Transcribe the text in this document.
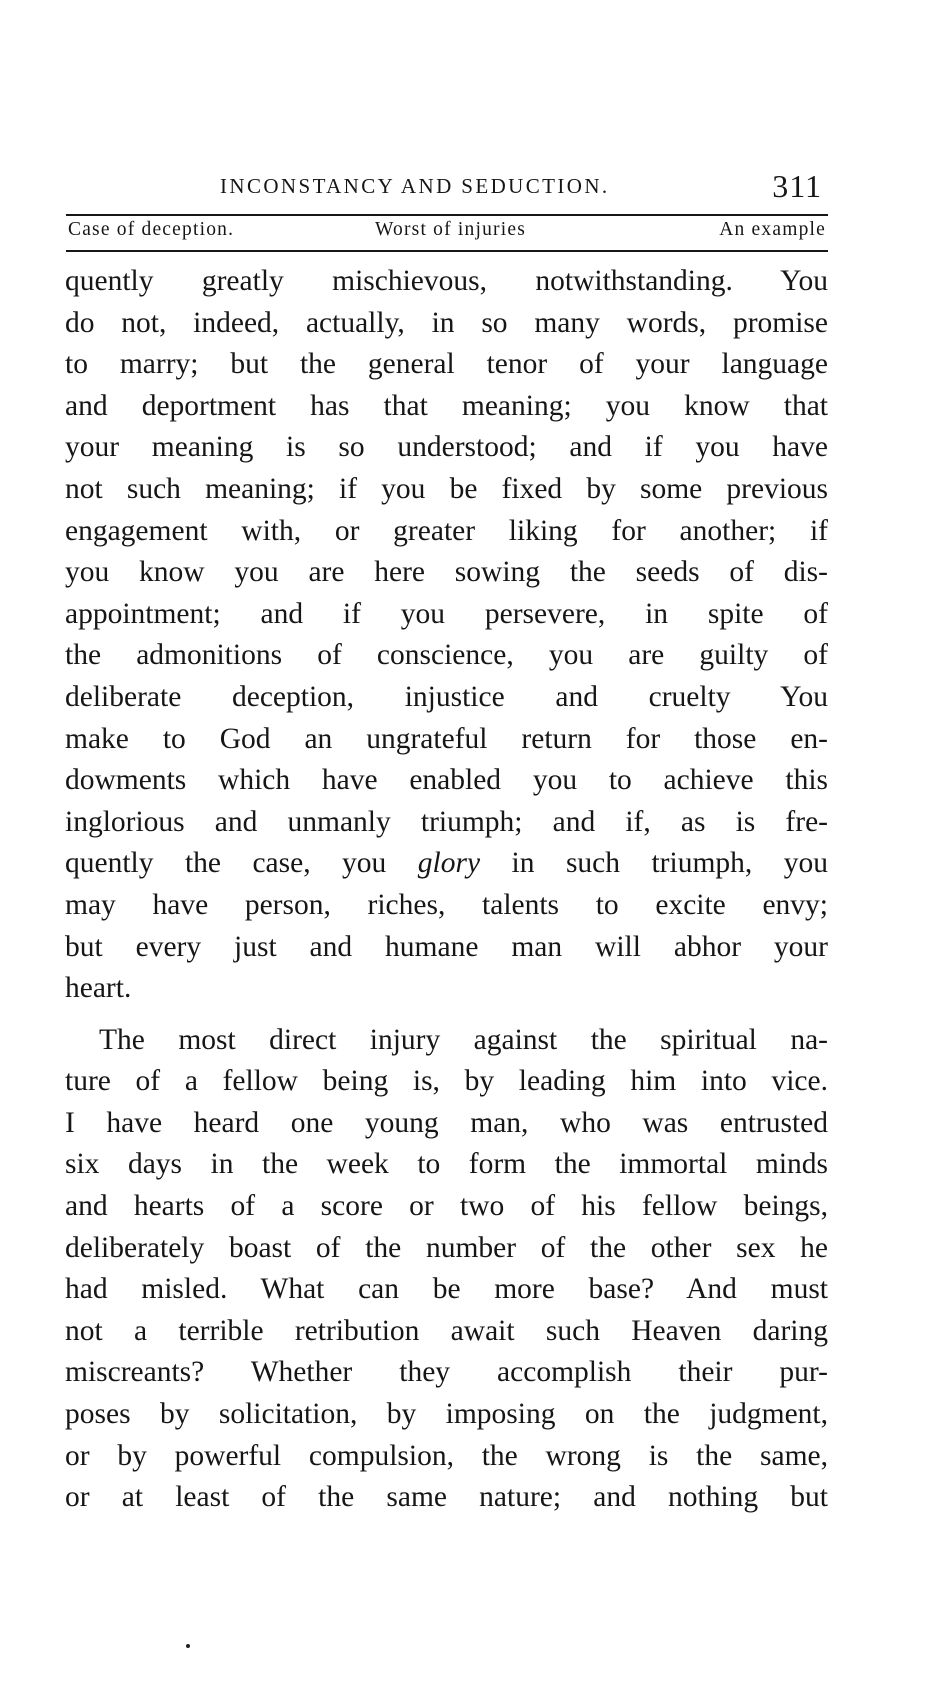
INCONSTANCY AND SEDUCTION.	311
Case of deception.	Worst of injuries	An example
quently greatly mischievous, notwithstanding. You
do not, indeed, actually, in so many words, promise
to marry; but the general tenor of your language
and deportment has that meaning; you know that
your meaning is so understood; and if you have
not such meaning; if you be fixed by some previous
engagement with, or greater liking for another; if
you know you are here sowing the seeds of dis-
appointment; and if you persevere, in spite of
the admonitions of conscience, you are guilty of
deliberate deception, injustice and cruelty You
make to God an ungrateful return for those en-
dowments which have enabled you to achieve this
inglorious and unmanly triumph; and if, as is fre-
quently the case, you glory in such triumph, you
may have person, riches, talents to excite envy;
but every just and humane man will abhor your
heart.
The most direct injury against the spiritual na-
ture of a fellow being is, by leading him into vice.
I have heard one young man, who was entrusted
six days in the week to form the immortal minds
and hearts of a score or two of his fellow beings,
deliberately boast of the number of the other sex he
had misled. What can be more base? And must
not a terrible retribution await such Heaven daring
miscreants? Whether they accomplish their pur-
poses by solicitation, by imposing on the judgment,
or by powerful compulsion, the wrong is the same,
or at least of the same nature; and nothing but
